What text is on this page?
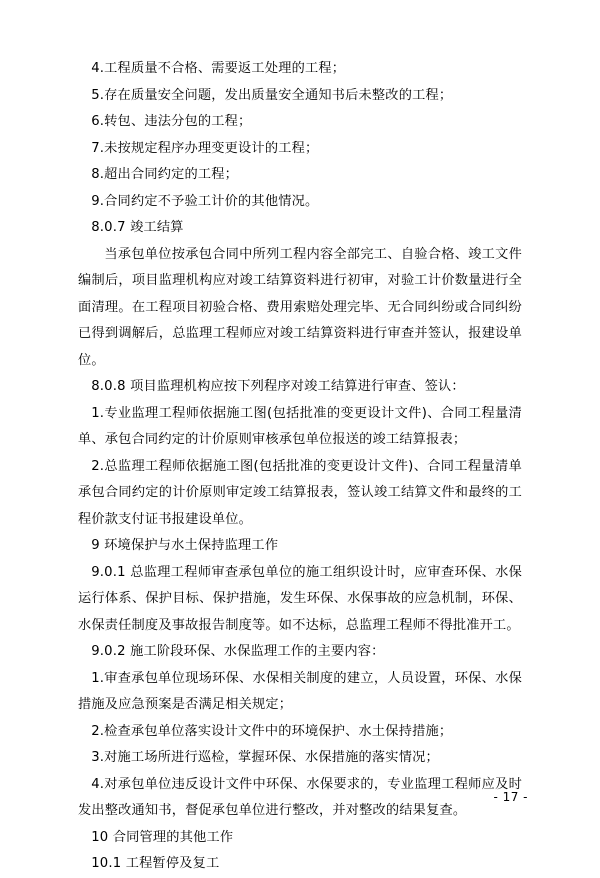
4.工程质量不合格、需要返工处理的工程；

5.存在质量安全问题，发出质量安全通知书后未整改的工程；

6.转包、违法分包的工程；

7.未按规定程序办理变更设计的工程；

8.超出合同约定的工程；

9.合同约定不予验工计价的其他情况。

8.0.7 竣工结算

当承包单位按承包合同中所列工程内容全部完工、自验合格、竣工文件编制后，项目监理机构应对竣工结算资料进行初审，对验工计价数量进行全面清理。在工程项目初验合格、费用索赔处理完毕、无合同纠纷或合同纠纷已得到调解后，总监理工程师应对竣工结算资料进行审查并签认，报建设单位。

8.0.8 项目监理机构应按下列程序对竣工结算进行审查、签认：

1.专业监理工程师依据施工图(包括批准的变更设计文件)、合同工程量清单、承包合同约定的计价原则审核承包单位报送的竣工结算报表；

2.总监理工程师依据施工图(包括批准的变更设计文件)、合同工程量清单承包合同约定的计价原则审定竣工结算报表，签认竣工结算文件和最终的工程价款支付证书报建设单位。

9 环境保护与水土保持监理工作

9.0.1 总监理工程师审查承包单位的施工组织设计时，应审查环保、水保运行体系、保护目标、保护措施，发生环保、水保事故的应急机制，环保、水保责任制度及事故报告制度等。如不达标，总监理工程师不得批准开工。

9.0.2 施工阶段环保、水保监理工作的主要内容：

1.审查承包单位现场环保、水保相关制度的建立，人员设置，环保、水保措施及应急预案是否满足相关规定；

2.检查承包单位落实设计文件中的环境保护、水土保持措施；

3.对施工场所进行巡检，掌握环保、水保措施的落实情况；

4.对承包单位违反设计文件中环保、水保要求的，专业监理工程师应及时发出整改通知书，督促承包单位进行整改，并对整改的结果复查。

10 合同管理的其他工作

10.1 工程暂停及复工

- 17 -
